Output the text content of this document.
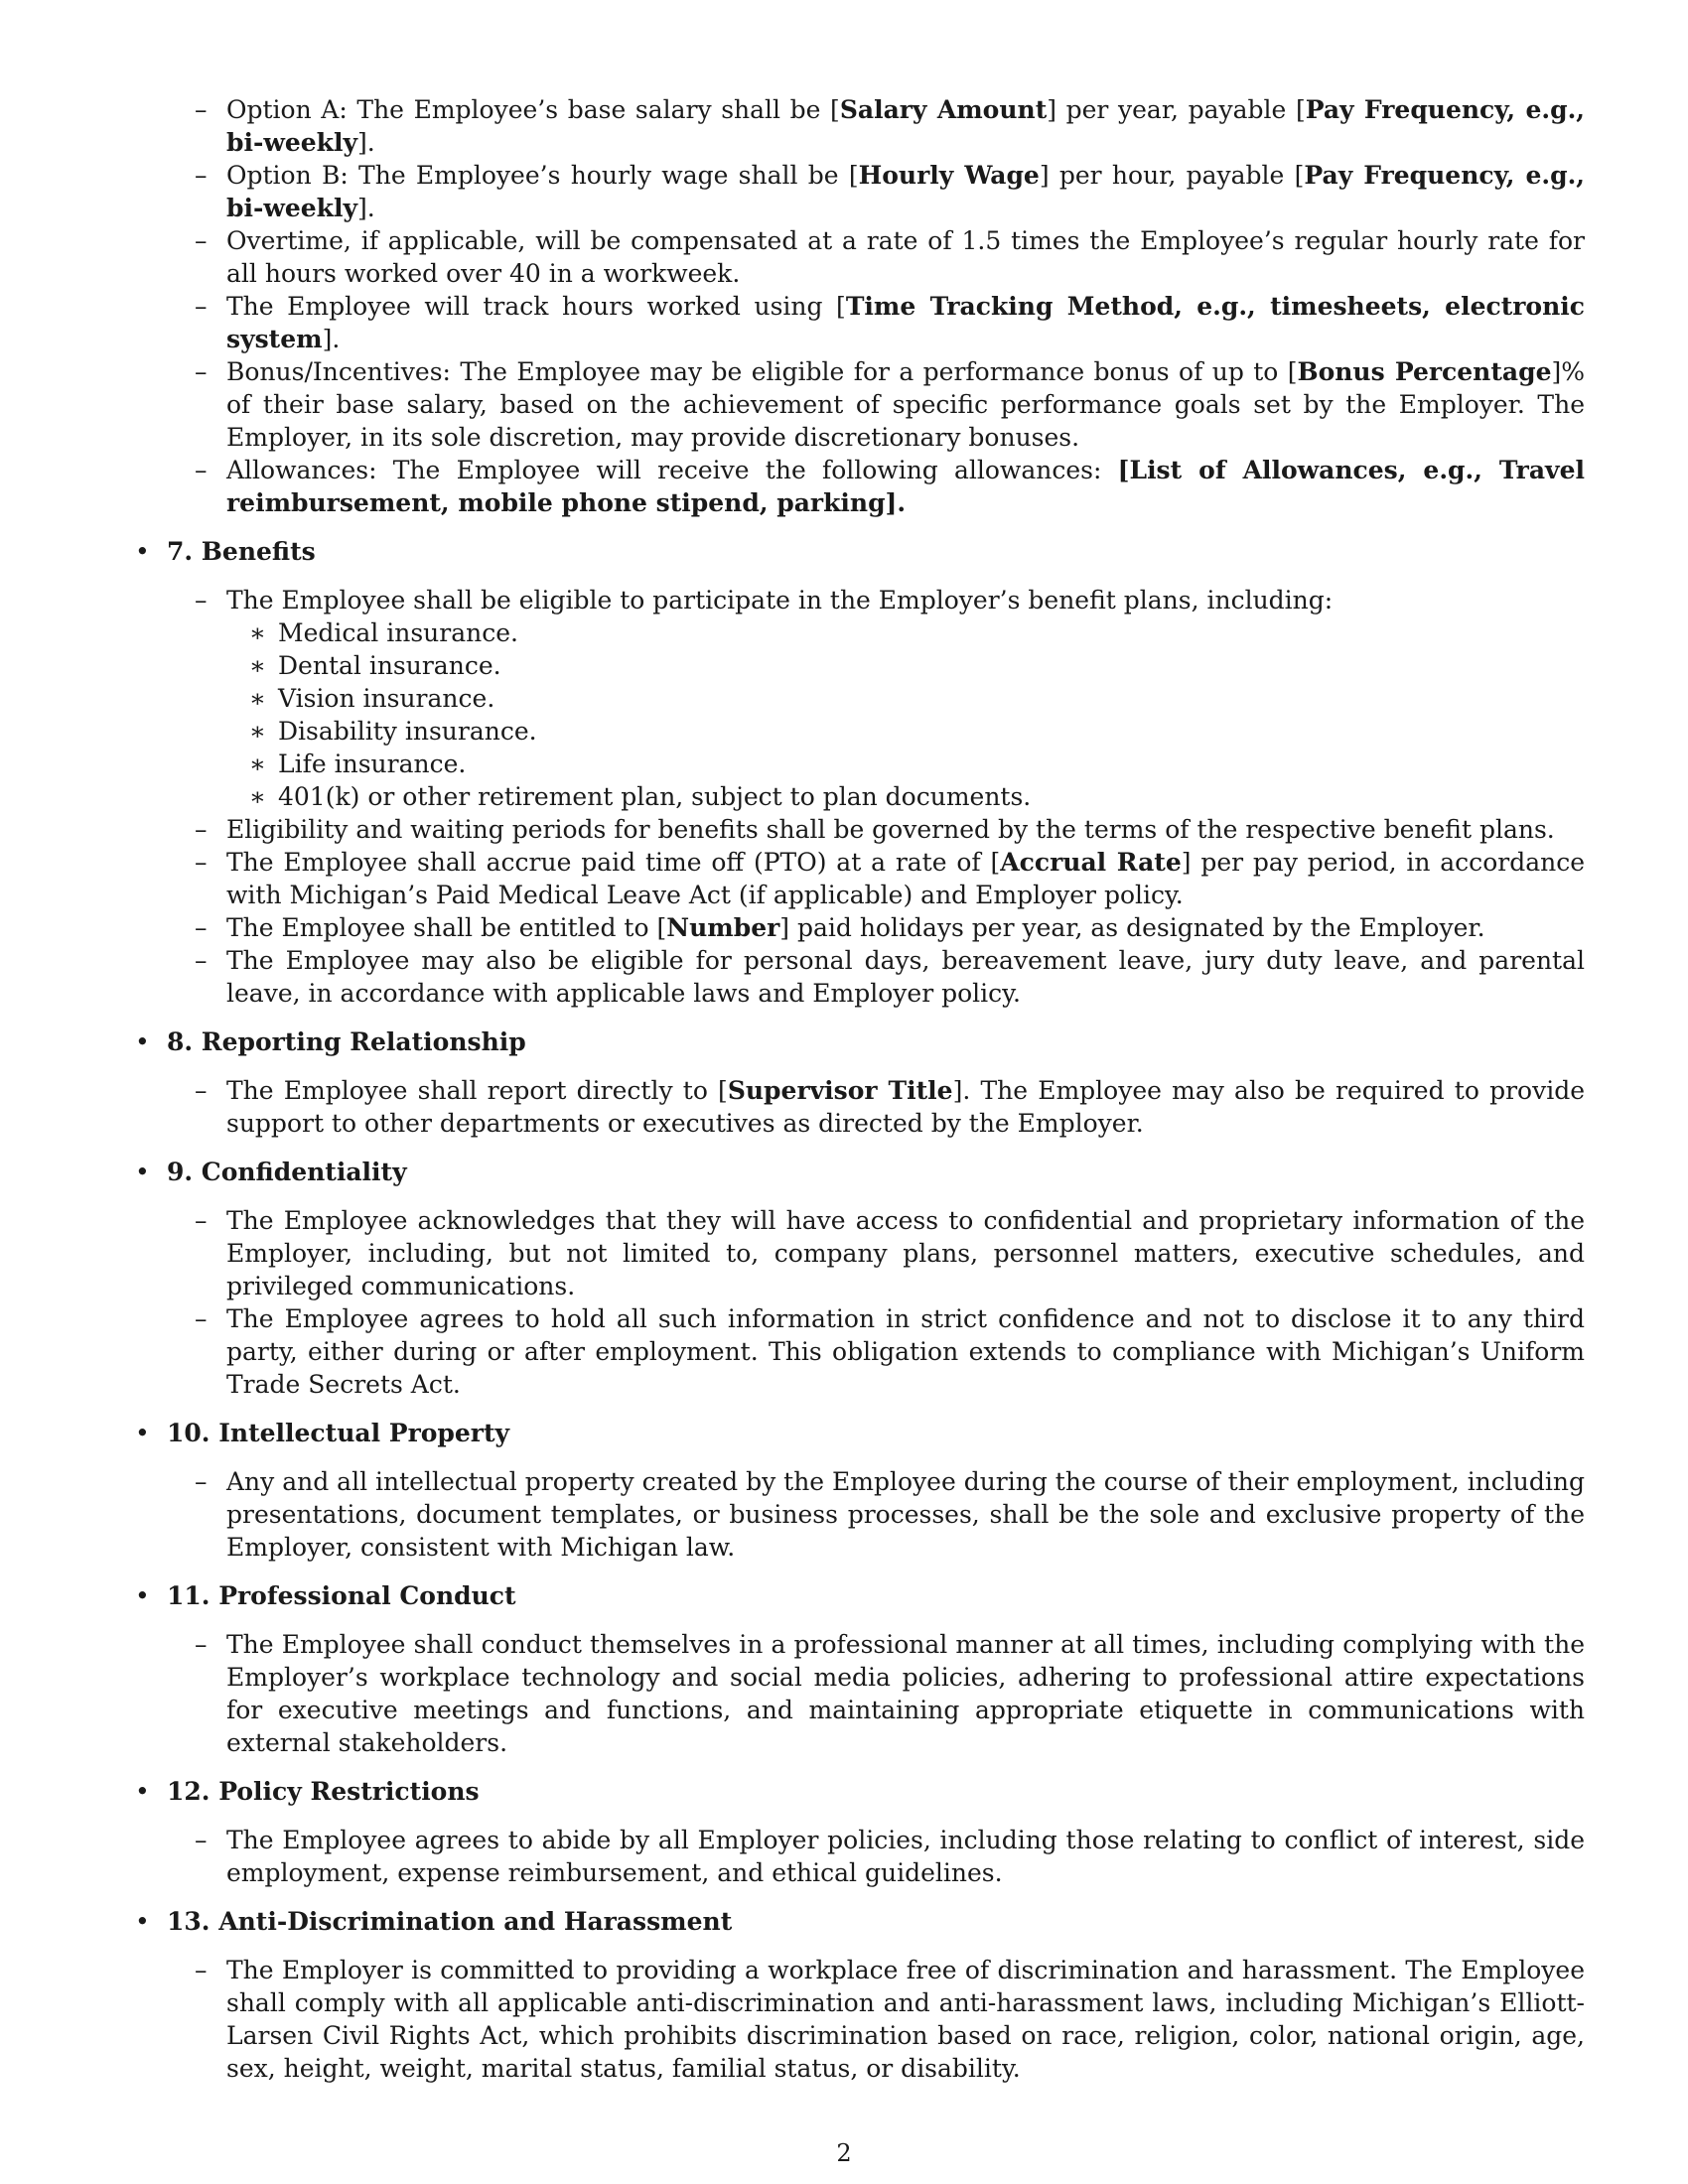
– Option A: The Employee’s base salary shall be [Salary Amount] per year, payable [Pay Frequency, e.g., bi-weekly].
– Option B: The Employee’s hourly wage shall be [Hourly Wage] per hour, payable [Pay Frequency, e.g., bi-weekly].
– Overtime, if applicable, will be compensated at a rate of 1.5 times the Employee’s regular hourly rate for all hours worked over 40 in a workweek.
– The Employee will track hours worked using [Time Tracking Method, e.g., timesheets, electronic system].
– Bonus/Incentives: The Employee may be eligible for a performance bonus of up to [Bonus Percentage]% of their base salary, based on the achievement of specific performance goals set by the Employer. The Employer, in its sole discretion, may provide discretionary bonuses.
– Allowances: The Employee will receive the following allowances: [List of Allowances, e.g., Travel reimbursement, mobile phone stipend, parking].
• 7. Benefits
– The Employee shall be eligible to participate in the Employer’s benefit plans, including:
∗ Medical insurance.
∗ Dental insurance.
∗ Vision insurance.
∗ Disability insurance.
∗ Life insurance.
∗ 401(k) or other retirement plan, subject to plan documents.
– Eligibility and waiting periods for benefits shall be governed by the terms of the respective benefit plans.
– The Employee shall accrue paid time off (PTO) at a rate of [Accrual Rate] per pay period, in accordance with Michigan’s Paid Medical Leave Act (if applicable) and Employer policy.
– The Employee shall be entitled to [Number] paid holidays per year, as designated by the Employer.
– The Employee may also be eligible for personal days, bereavement leave, jury duty leave, and parental leave, in accordance with applicable laws and Employer policy.
• 8. Reporting Relationship
– The Employee shall report directly to [Supervisor Title]. The Employee may also be required to provide support to other departments or executives as directed by the Employer.
• 9. Confidentiality
– The Employee acknowledges that they will have access to confidential and proprietary information of the Employer, including, but not limited to, company plans, personnel matters, executive schedules, and privileged communications.
– The Employee agrees to hold all such information in strict confidence and not to disclose it to any third party, either during or after employment. This obligation extends to compliance with Michigan’s Uniform Trade Secrets Act.
• 10. Intellectual Property
– Any and all intellectual property created by the Employee during the course of their employment, including presentations, document templates, or business processes, shall be the sole and exclusive property of the Employer, consistent with Michigan law.
• 11. Professional Conduct
– The Employee shall conduct themselves in a professional manner at all times, including complying with the Employer’s workplace technology and social media policies, adhering to professional attire expectations for executive meetings and functions, and maintaining appropriate etiquette in communications with external stakeholders.
• 12. Policy Restrictions
– The Employee agrees to abide by all Employer policies, including those relating to conflict of interest, side employment, expense reimbursement, and ethical guidelines.
• 13. Anti-Discrimination and Harassment
– The Employer is committed to providing a workplace free of discrimination and harassment. The Employee shall comply with all applicable anti-discrimination and anti-harassment laws, including Michigan’s Elliott-Larsen Civil Rights Act, which prohibits discrimination based on race, religion, color, national origin, age, sex, height, weight, marital status, familial status, or disability.
2
